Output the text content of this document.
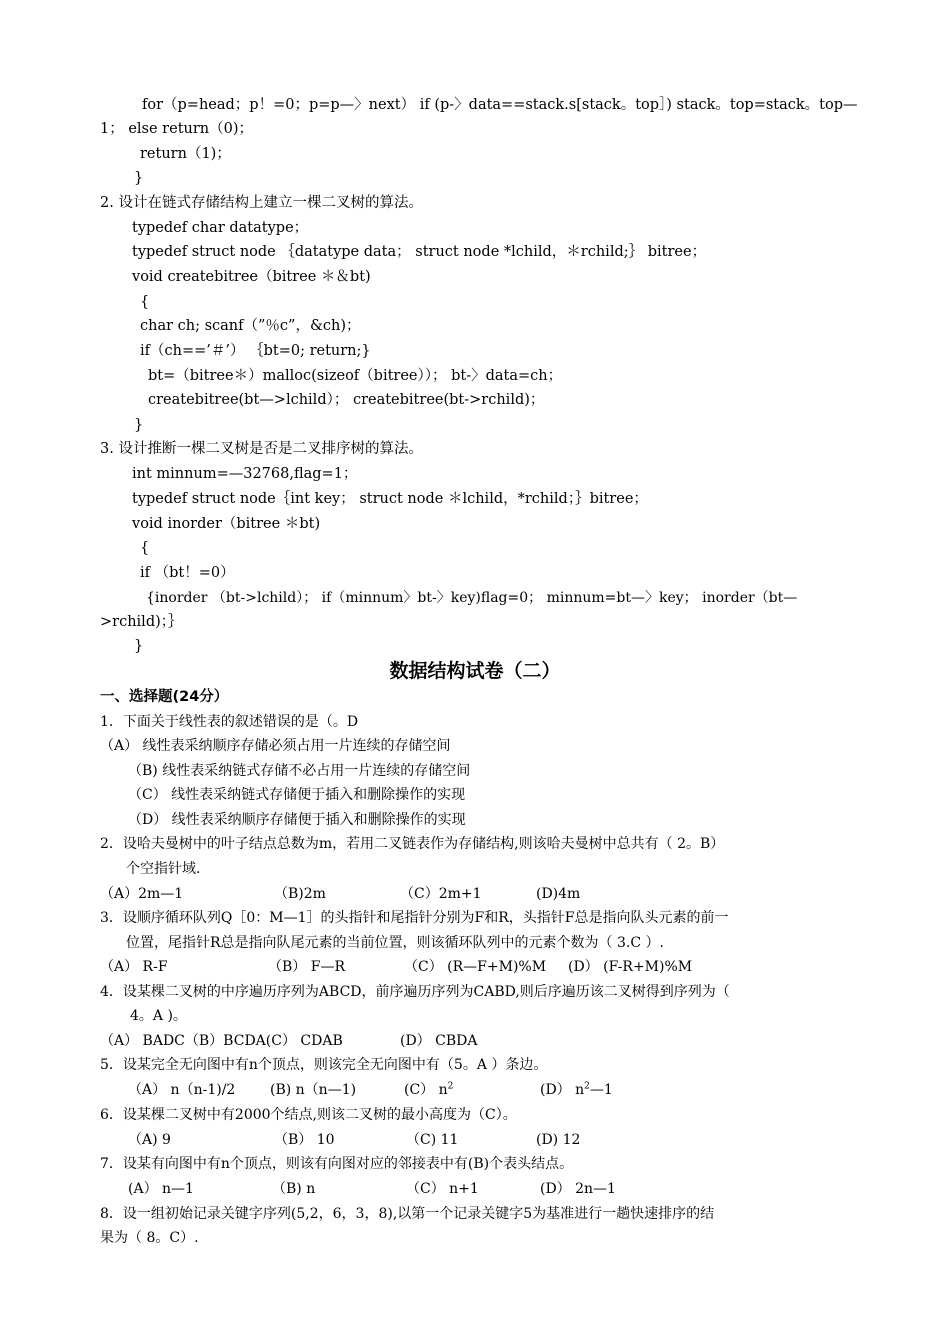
for（p=head；p！=0；p=p—〉next） if (p-〉data==stack.s[stack。top］) stack。top=stack。top—
1； else return（0)；
return（1)；
}
2. 设计在链式存储结构上建立一棵二叉树的算法。
typedef char datatype；
typedef struct node ｛datatype data； struct node *lchild，＊rchild;｝ bitree；
void createbitree（bitree ＊＆bt)
{
char ch; scanf（”％c”，&ch)；
if（ch==’＃’） ｛bt=0; return;}
bt=（bitree＊）malloc(sizeof（bitree））； bt-〉data=ch；
createbitree(bt—>lchild）； createbitree(bt->rchild)；
}
3. 设计推断一棵二叉树是否是二叉排序树的算法。
int minnum=—32768,flag=1；
typedef struct node｛int key； struct node ＊lchild，*rchild；｝bitree；
void inorder（bitree ＊bt)
{
if （bt！=0）
{inorder （bt->lchild）； if（minnum〉bt-〉key)flag=0； minnum=bt—〉key； inorder（bt—
>rchild)；｝
}
数据结构试卷（二）
一、选择题(24分）
1．下面关于线性表的叙述错误的是（。D
（A） 线性表采纳顺序存储必须占用一片连续的存储空间
（B) 线性表采纳链式存储不必占用一片连续的存储空间
（C） 线性表采纳链式存储便于插入和删除操作的实现
（D） 线性表采纳顺序存储便于插入和删除操作的实现
2．设哈夫曼树中的叶子结点总数为m，若用二叉链表作为存储结构,则该哈夫曼树中总共有（ 2。B）
个空指针域.
（A）2m—1	（B)2m	（C）2m+1	(D)4m
3．设顺序循环队列Q［0：M—1］的头指针和尾指针分别为F和R，头指针F总是指向队头元素的前一
位置，尾指针R总是指向队尾元素的当前位置，则该循环队列中的元素个数为（ 3.C ）.
（A） R-F	（B） F—R	（C） (R—F+M)%M (D） (F-R+M)%M
4．设某棵二叉树的中序遍历序列为ABCD，前序遍历序列为CABD,则后序遍历该二叉树得到序列为（
4。A )。
（A） BADC（B）BCDA(C） CDAB	(D） CBDA
5．设某完全无向图中有n个顶点，则该完全无向图中有（5。A ）条边。
（A） n（n-1)/2 (B) n（n—1)	(C） $n^2$	(D） $n^2—1$
6．设某棵二叉树中有2000个结点,则该二叉树的最小高度为（C）。
（A) 9	（B） 10	（C) 11	(D) 12
7．设某有向图中有n个顶点，则该有向图对应的邻接表中有(B)个表头结点。
(A） n—1	（B) n	（C） n+1	(D） 2n—1
8．设一组初始记录关键字序列(5,2，6，3，8),以第一个记录关键字5为基准进行一趟快速排序的结
果为（ 8。C）.
